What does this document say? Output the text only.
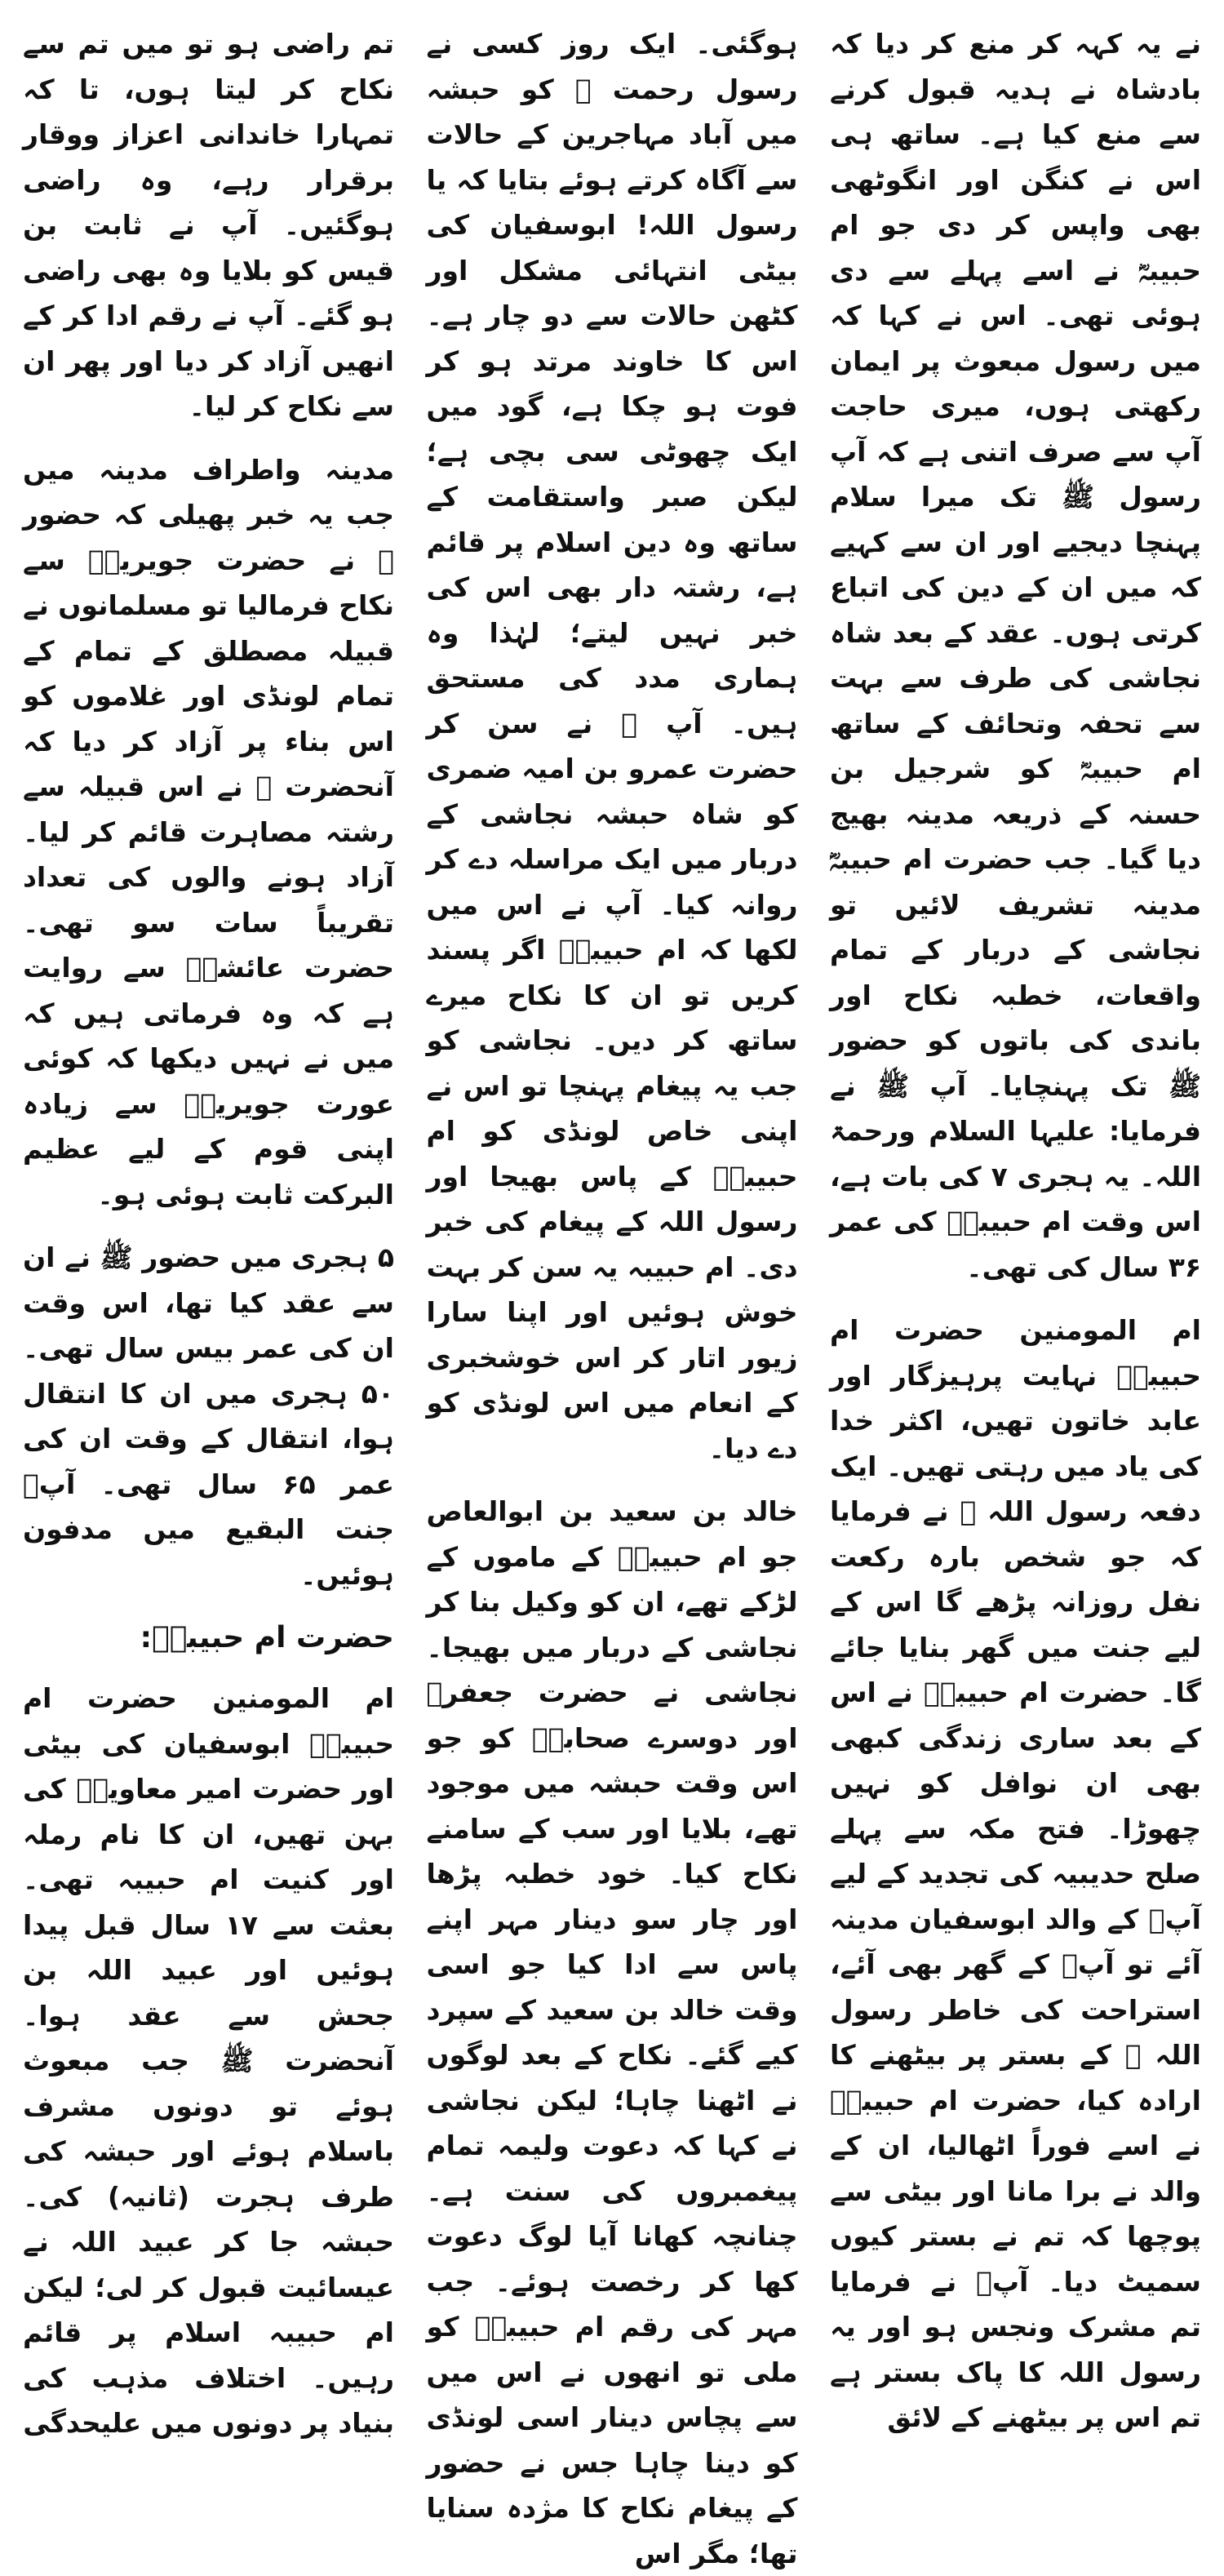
تم راضی ہو تو میں تم سے نکاح کر لیتا ہوں، تا کہ تمہارا خاندانی اعزاز ووقار برقرار رہے، وہ راضی ہوگئیں۔ آپ نے ثابت بن قیس کو بلایا وہ بھی راضی ہو گئے۔ آپ نے رقم ادا کر کے انھیں آزاد کر دیا اور پھر ان سے نکاح کر لیا۔

مدینہ واطراف مدینہ میں جب یہ خبر پھیلی کہ حضور ﷺ نے حضرت جویریہؓ سے نکاح فرمالیا تو مسلمانوں نے قبیلہ مصطلق کے تمام کے تمام لونڈی اور غلاموں کو اس بناء پر آزاد کر دیا کہ آنحضرت ﷺ نے اس قبیلہ سے رشتہ مصاہرت قائم کر لیا۔ آزاد ہونے والوں کی تعداد تقریباً سات سو تھی۔ حضرت عائشہؓ سے روایت ہے کہ وہ فرماتی ہیں کہ میں نے نہیں دیکھا کہ کوئی عورت جویریہؓ سے زیادہ اپنی قوم کے لیے عظیم البرکت ثابت ہوئی ہو۔

۵ ہجری میں حضور ﷺ نے ان سے عقد کیا تھا، اس وقت ان کی عمر بیس سال تھی۔ ۵۰ ہجری میں ان کا انتقال ہوا، انتقال کے وقت ان کی عمر ۶۵ سال تھی۔ آپؓ جنت البقیع میں مدفون ہوئیں۔

حضرت ام حبیبہؓ:

ام المومنین حضرت ام حبیبہؓ ابوسفیان کی بیٹی اور حضرت امیر معاویہؓ کی بہن تھیں، ان کا نام رملہ اور کنیت ام حبیبہ تھی۔ بعثت سے ۱۷ سال قبل پیدا ہوئیں اور عبید اللہ بن جحش سے عقد ہوا۔ آنحضرت ﷺ جب مبعوث ہوئے تو دونوں مشرف باسلام ہوئے اور حبشہ کی طرف ہجرت (ثانیہ) کی۔ حبشہ جا کر عبید اللہ نے عیسائیت قبول کر لی؛ لیکن ام حبیبہ اسلام پر قائم رہیں۔ اختلاف مذہب کی بنیاد پر دونوں میں علیحدگی

ہوگئی۔ ایک روز کسی نے رسول رحمت ﷺ کو حبشہ میں آباد مہاجرین کے حالات سے آگاہ کرتے ہوئے بتایا کہ یا رسول اللہ! ابوسفیان کی بیٹی انتہائی مشکل اور کٹھن حالات سے دو چار ہے۔ اس کا خاوند مرتد ہو کر فوت ہو چکا ہے، گود میں ایک چھوٹی سی بچی ہے؛ لیکن صبر واستقامت کے ساتھ وہ دین اسلام پر قائم ہے، رشتہ دار بھی اس کی خبر نہیں لیتے؛ لہٰذا وہ ہماری مدد کی مستحق ہیں۔ آپ ﷺ نے سن کر حضرت عمرو بن امیہ ضمری کو شاہ حبشہ نجاشی کے دربار میں ایک مراسلہ دے کر روانہ کیا۔ آپ نے اس میں لکھا کہ ام حبیبہؓ اگر پسند کریں تو ان کا نکاح میرے ساتھ کر دیں۔ نجاشی کو جب یہ پیغام پہنچا تو اس نے اپنی خاص لونڈی کو ام حبیبہؓ کے پاس بھیجا اور رسول اللہ کے پیغام کی خبر دی۔ ام حبیبہ یہ سن کر بہت خوش ہوئیں اور اپنا سارا زیور اتار کر اس خوشخبری کے انعام میں اس لونڈی کو دے دیا۔

خالد بن سعید بن ابوالعاص جو ام حبیبہؓ کے ماموں کے لڑکے تھے، ان کو وکیل بنا کر نجاشی کے دربار میں بھیجا۔ نجاشی نے حضرت جعفرؓ اور دوسرے صحابہؓ کو جو اس وقت حبشہ میں موجود تھے، بلایا اور سب کے سامنے نکاح کیا۔ خود خطبہ پڑھا اور چار سو دینار مہر اپنے پاس سے ادا کیا جو اسی وقت خالد بن سعید کے سپرد کیے گئے۔ نکاح کے بعد لوگوں نے اٹھنا چاہا؛ لیکن نجاشی نے کہا کہ دعوت ولیمہ تمام پیغمبروں کی سنت ہے۔ چنانچہ کھانا آیا لوگ دعوت کھا کر رخصت ہوئے۔ جب مہر کی رقم ام حبیبہؓ کو ملی تو انھوں نے اس میں سے پچاس دینار اسی لونڈی کو دینا چاہا جس نے حضور کے پیغام نکاح کا مژدہ سنایا تھا؛ مگر اس

نے یہ کہہ کر منع کر دیا کہ بادشاہ نے ہدیہ قبول کرنے سے منع کیا ہے۔ ساتھ ہی اس نے کنگن اور انگوٹھی بھی واپس کر دی جو ام حبیبہؓ نے اسے پہلے سے دی ہوئی تھی۔ اس نے کہا کہ میں رسول مبعوث پر ایمان رکھتی ہوں، میری حاجت آپ سے صرف اتنی ہے کہ آپ رسول ﷺ تک میرا سلام پہنچا دیجیے اور ان سے کہیے کہ میں ان کے دین کی اتباع کرتی ہوں۔ عقد کے بعد شاہ نجاشی کی طرف سے بہت سے تحفہ وتحائف کے ساتھ ام حبیبہؓ کو شرجیل بن حسنہ کے ذریعہ مدینہ بھیج دیا گیا۔ جب حضرت ام حبیبہؓ مدینہ تشریف لائیں تو نجاشی کے دربار کے تمام واقعات، خطبہ نکاح اور باندی کی باتوں کو حضور ﷺ تک پہنچایا۔ آپ ﷺ نے فرمایا: علیہا السلام ورحمۃ اللہ۔ یہ ہجری ۷ کی بات ہے، اس وقت ام حبیبہؓ کی عمر ۳۶ سال کی تھی۔

ام المومنین حضرت ام حبیبہؓ نہایت پرہیزگار اور عابد خاتون تھیں، اکثر خدا کی یاد میں رہتی تھیں۔ ایک دفعہ رسول اللہ ﷺ نے فرمایا کہ جو شخص بارہ رکعت نفل روزانہ پڑھے گا اس کے لیے جنت میں گھر بنایا جائے گا۔ حضرت ام حبیبہؓ نے اس کے بعد ساری زندگی کبھی بھی ان نوافل کو نہیں چھوڑا۔ فتح مکہ سے پہلے صلح حدیبیہ کی تجدید کے لیے آپؓ کے والد ابوسفیان مدینہ آئے تو آپؓ کے گھر بھی آئے، استراحت کی خاطر رسول اللہ ﷺ کے بستر پر بیٹھنے کا ارادہ کیا، حضرت ام حبیبہؓ نے اسے فوراً اٹھالیا، ان کے والد نے برا مانا اور بیٹی سے پوچھا کہ تم نے بستر کیوں سمیٹ دیا۔ آپؓ نے فرمایا تم مشرک ونجس ہو اور یہ رسول اللہ کا پاک بستر ہے تم اس پر بیٹھنے کے لائق
